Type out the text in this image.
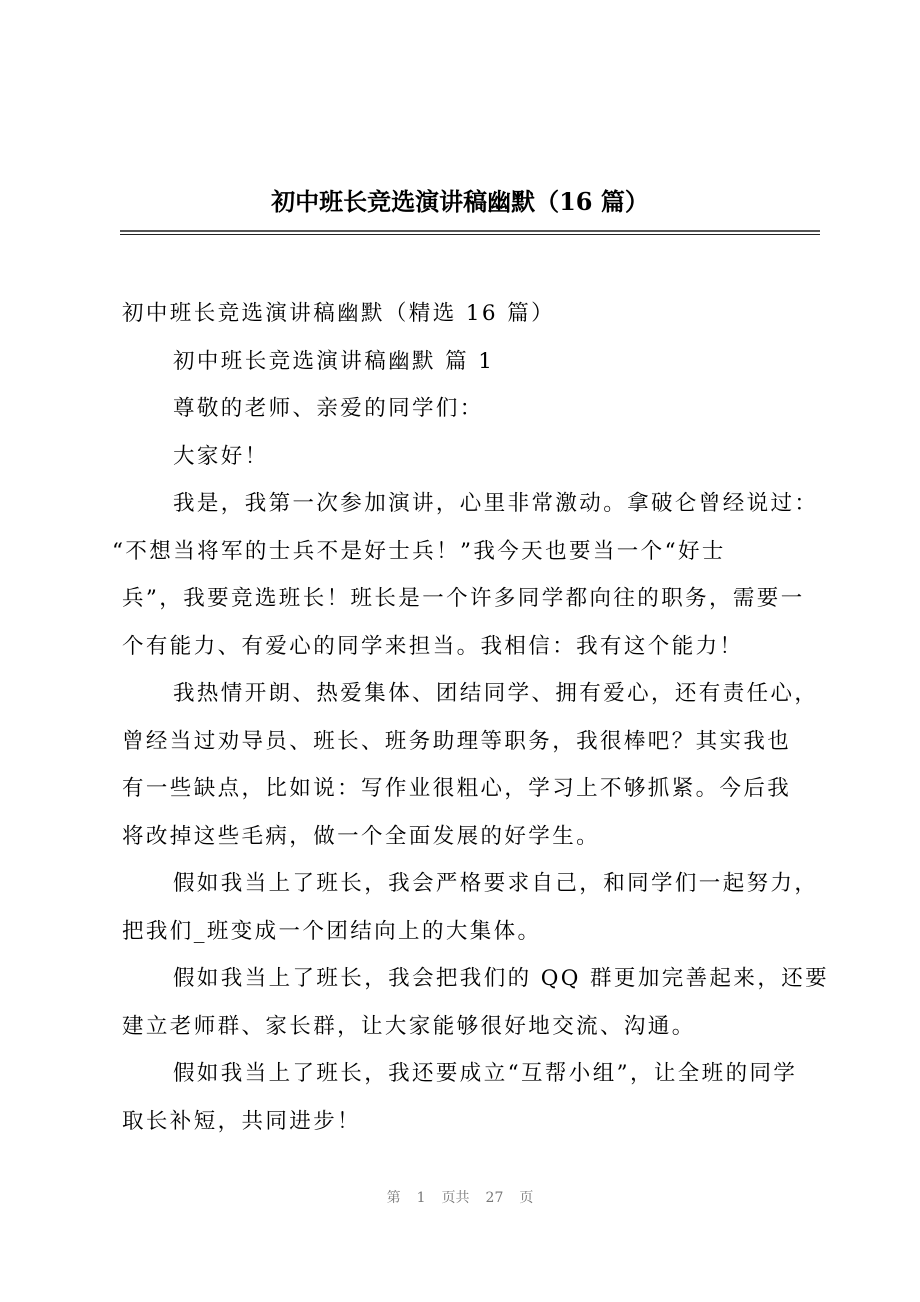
初中班长竞选演讲稿幽默（16 篇）
初中班长竞选演讲稿幽默（精选 16 篇）
初中班长竞选演讲稿幽默 篇 1
尊敬的老师、亲爱的同学们：
大家好！
我是，我第一次参加演讲，心里非常激动。拿破仑曾经说过：
“不想当将军的士兵不是好士兵！”我今天也要当一个“好士
兵”，我要竞选班长！班长是一个许多同学都向往的职务，需要一
个有能力、有爱心的同学来担当。我相信：我有这个能力！
我热情开朗、热爱集体、团结同学、拥有爱心，还有责任心，
曾经当过劝导员、班长、班务助理等职务，我很棒吧？其实我也
有一些缺点，比如说：写作业很粗心，学习上不够抓紧。今后我
将改掉这些毛病，做一个全面发展的好学生。
假如我当上了班长，我会严格要求自己，和同学们一起努力，
把我们_班变成一个团结向上的大集体。
假如我当上了班长，我会把我们的 QQ 群更加完善起来，还要
建立老师群、家长群，让大家能够很好地交流、沟通。
假如我当上了班长，我还要成立“互帮小组”，让全班的同学
取长补短，共同进步！
第 1 页共 27 页
